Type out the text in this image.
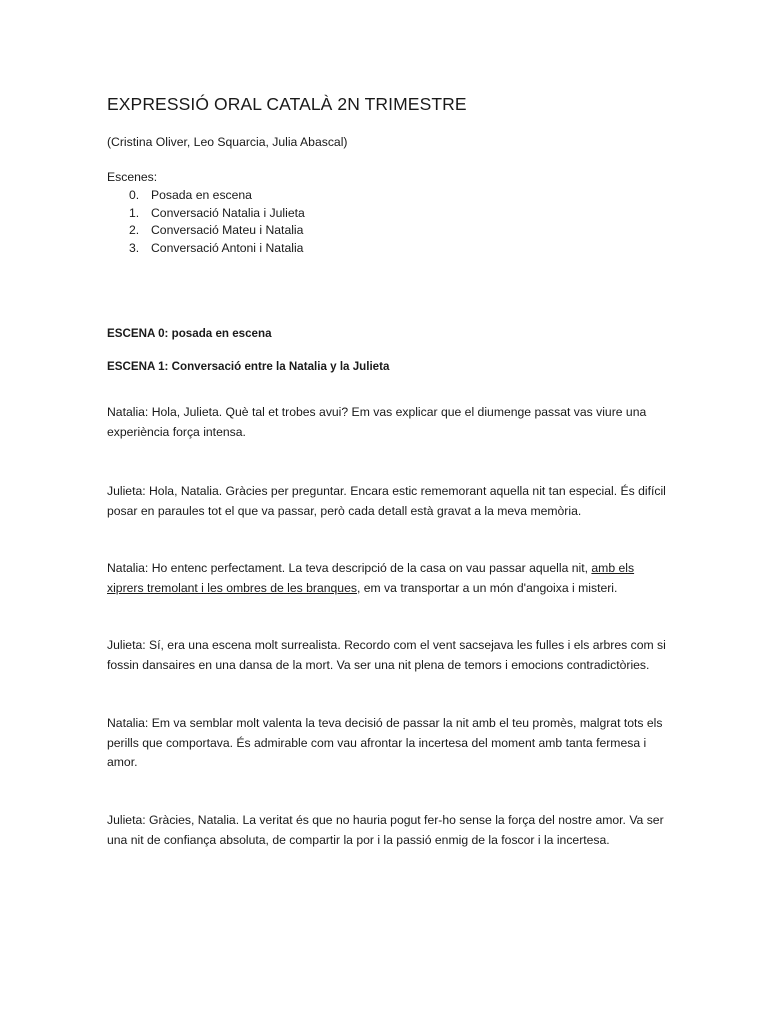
EXPRESSIÓ ORAL CATALÀ 2N TRIMESTRE
(Cristina Oliver, Leo Squarcia, Julia Abascal)
Escenes:
0. Posada en escena
1. Conversació Natalia i Julieta
2. Conversació Mateu i Natalia
3. Conversació Antoni i Natalia
ESCENA 0: posada en escena
ESCENA 1: Conversació entre la Natalia y la Julieta

Natalia: Hola, Julieta. Què tal et trobes avui? Em vas explicar que el diumenge passat vas viure una experiència força intensa.

Julieta: Hola, Natalia. Gràcies per preguntar. Encara estic rememorant aquella nit tan especial. És difícil posar en paraules tot el que va passar, però cada detall està gravat a la meva memòria.

Natalia: Ho entenc perfectament. La teva descripció de la casa on vau passar aquella nit, amb els xiprers tremolant i les ombres de les branques, em va transportar a un món d'angoixa i misteri.

Julieta: Sí, era una escena molt surrealista. Recordo com el vent sacsejava les fulles i els arbres com si fossin dansaires en una dansa de la mort. Va ser una nit plena de temors i emocions contradictòries.

Natalia: Em va semblar molt valenta la teva decisió de passar la nit amb el teu promès, malgrat tots els perills que comportava. És admirable com vau afrontar la incertesa del moment amb tanta fermesa i amor.

Julieta: Gràcies, Natalia. La veritat és que no hauria pogut fer-ho sense la força del nostre amor. Va ser una nit de confiança absoluta, de compartir la por i la passió enmig de la foscor i la incertesa.
